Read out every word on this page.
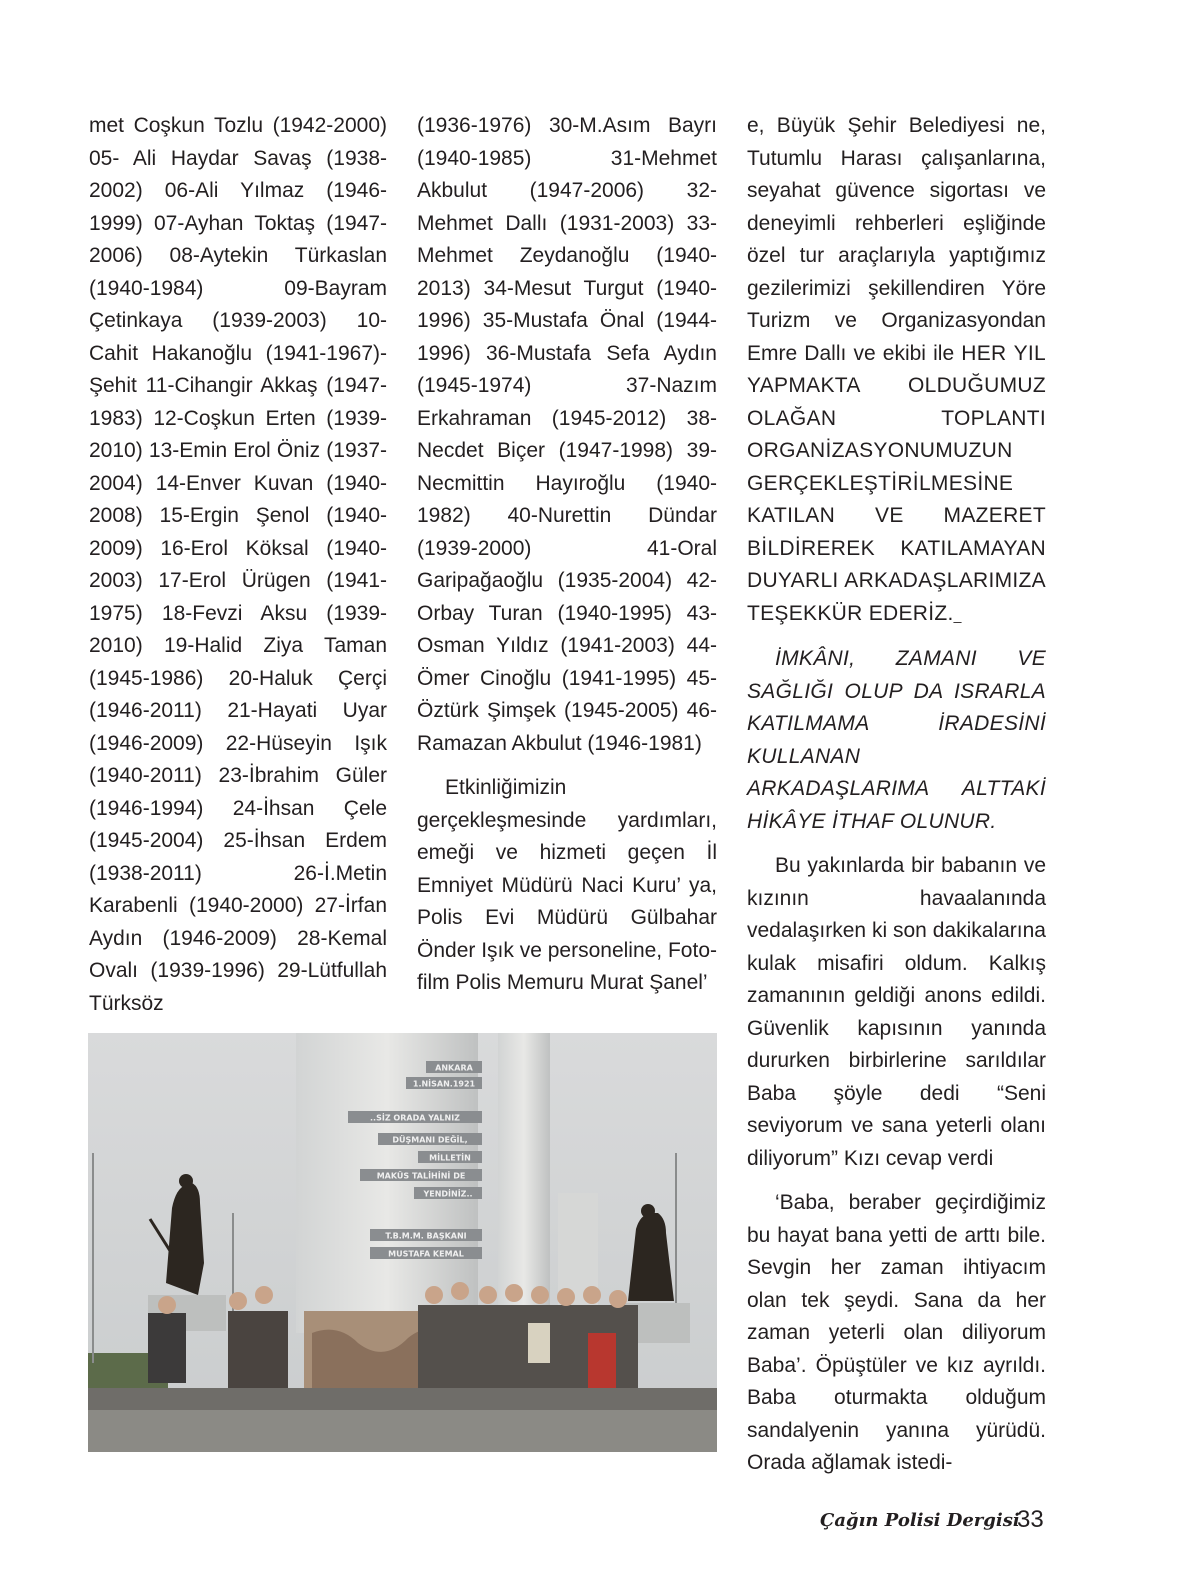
met Coşkun Tozlu (1942-2000) 05- Ali Haydar Savaş (1938-2002) 06-Ali Yılmaz (1946-1999) 07-Ayhan Toktaş (1947-2006) 08-Aytekin Türkaslan (1940-1984) 09-Bayram Çetinkaya (1939-2003) 10-Cahit Hakanoğlu (1941-1967)- Şehit 11-Cihangir Akkaş (1947-1983) 12-Coşkun Erten (1939-2010) 13-Emin Erol Öniz (1937-2004) 14-Enver Kuvan (1940-2008) 15-Ergin Şenol (1940-2009) 16-Erol Köksal (1940-2003) 17-Erol Ürügen (1941-1975) 18-Fevzi Aksu (1939-2010) 19-Halid Ziya Taman (1945-1986) 20-Haluk Çerçi (1946-2011) 21-Hayati Uyar (1946-2009) 22-Hüseyin Işık (1940-2011) 23-İbrahim Güler (1946-1994) 24-İhsan Çele (1945-2004) 25-İhsan Erdem (1938-2011) 26-İ.Metin Karabenli (1940-2000) 27-İrfan Aydın (1946-2009) 28-Kemal Ovalı (1939-1996) 29-Lütfullah Türksöz

(1936-1976) 30-M.Asım Bayrı (1940-1985) 31-Mehmet Akbulut (1947-2006) 32-Mehmet Dallı (1931-2003) 33-Mehmet Zeydanoğlu (1940-2013) 34-Mesut Turgut (1940-1996) 35-Mustafa Önal (1944-1996) 36-Mustafa Sefa Aydın (1945-1974) 37-Nazım Erkahraman (1945-2012) 38-Necdet Biçer (1947-1998) 39-Necmittin Hayıroğlu (1940-1982) 40-Nurettin Dündar (1939-2000) 41-Oral Garipağaoğlu (1935-2004) 42-Orbay Turan (1940-1995) 43-Osman Yıldız (1941-2003) 44-Ömer Cinoğlu (1941-1995) 45-Öztürk Şimşek (1945-2005) 46-Ramazan Akbulut (1946-1981)

Etkinliğimizin gerçekleşmesinde yardımları, emeği ve hizmeti geçen İl Emniyet Müdürü Naci Kuru’ ya, Polis Evi Müdürü Gülbahar Önder Işık ve personeline, Foto-film Polis Memuru Murat Şanel’

e, Büyük Şehir Belediyesi ne, Tutumlu Harası çalışanlarına, seyahat güvence sigortası ve deneyimli rehberleri eşliğinde özel tur araçlarıyla yaptığımız gezilerimizi şekillendiren Yöre Turizm ve Organizasyondan Emre Dallı ve ekibi ile HER YIL YAPMAKTA OLDUĞUMUZ OLAĞAN TOPLANTI ORGANİZASYONUMUZUN GERÇEKLEŞTİRİLMESİNE KATILAN VE MAZERET BİLDİREREK KATILAMAYAN DUYARLI ARKADAŞLARIMIZA TEŞEKKÜR EDERİZ._

İMKÂNI, ZAMANI VE SAĞLIĞI OLUP DA ISRARLA KATILMAMA İRADESİNİ KULLANAN ARKADAŞLARIMA ALTTAKİ HİKÂYE İTHAF OLUNUR.

Bu yakınlarda bir babanın ve kızının havaalanında vedalaşırken ki son dakikalarına kulak misafiri oldum. Kalkış zamanının geldiği anons edildi. Güvenlik kapısının yanında dururken birbirlerine sarıldılar Baba şöyle dedi “Seni seviyorum ve sana yeterli olanı diliyorum” Kızı cevap verdi

‘Baba, beraber geçirdiğimiz bu hayat bana yetti de arttı bile. Sevgin her zaman ihtiyacım olan tek şeydi. Sana da her zaman yeterli olan diliyorum Baba’. Öpüştüler ve kız ayrıldı. Baba oturmakta olduğum sandalyenin yanına yürüdü. Orada ağlamak istedi-

ANKARA
1.NİSAN.1921
..SİZ ORADA YALNIZ
DÜŞMANI DEĞİL,
MİLLETİN
MAKÛS TALİHİNİ DE
YENDİNİZ..
T.B.M.M. BAŞKANI
MUSTAFA KEMAL
Çağın Polisi Dergisi
33
